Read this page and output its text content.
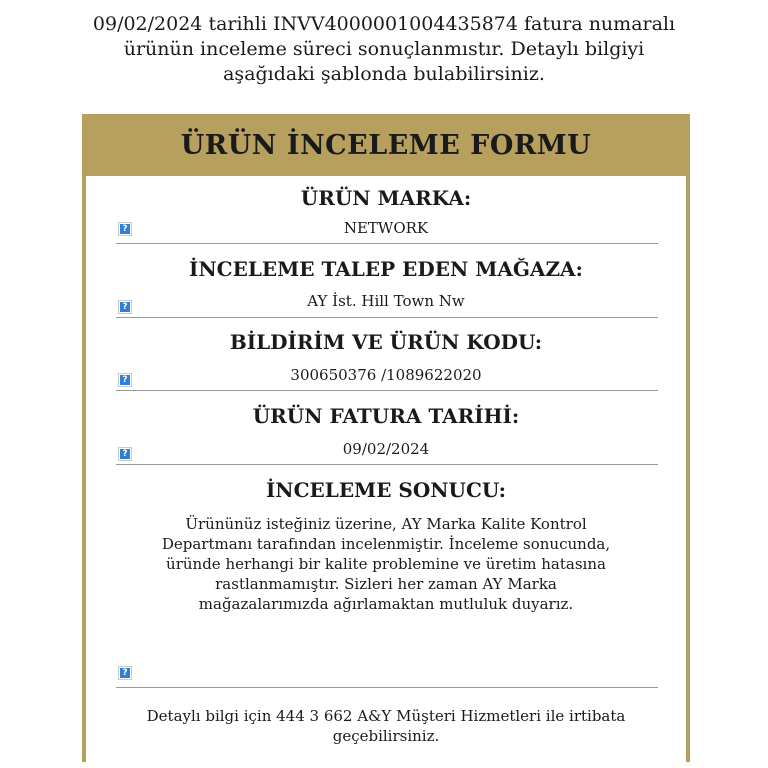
09/02/2024 tarihli INVV4000001004435874 fatura numaralı
ürünün inceleme süreci sonuçlanmıstır. Detaylı bilgiyi
aşağıdaki şablonda bulabilirsiniz.
ÜRÜN İNCELEME FORMU
ÜRÜN MARKA:
?	NETWORK
İNCELEME TALEP EDEN MAĞAZA:
?	AY İst. Hill Town Nw
BİLDİRİM VE ÜRÜN KODU:
?	300650376 /1089622020
ÜRÜN FATURA TARİHİ:
?	09/02/2024
İNCELEME SONUCU:
Ürününüz isteğiniz üzerine, AY Marka Kalite Kontrol
Departmanı tarafından incelenmiştir. İnceleme sonucunda,
üründe herhangi bir kalite problemine ve üretim hatasına
rastlanmamıştır. Sizleri her zaman AY Marka
mağazalarımızda ağırlamaktan mutluluk duyarız.
?
Detaylı bilgi için 444 3 662 A&Y Müşteri Hizmetleri ile irtibata
geçebilirsiniz.
